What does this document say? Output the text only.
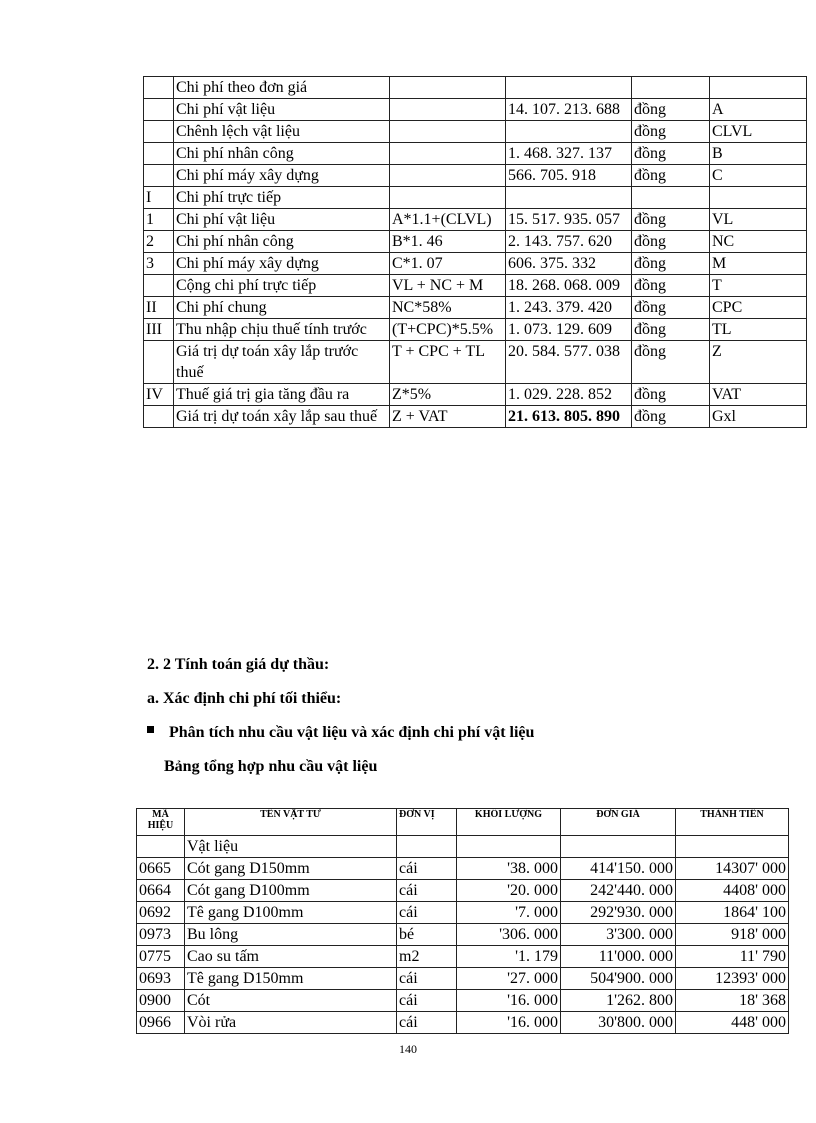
	Chi phí theo đơn giá				
	Chi phí vật liệu		14. 107. 213. 688	đồng	A
	Chênh lệch vật liệu			đồng	CLVL
	Chi phí nhân công		1. 468. 327. 137	đồng	B
	Chi phí máy xây dựng		566. 705. 918	đồng	C
I	Chi phí trực tiếp				
1	Chi phí vật liệu	A*1.1+(CLVL)	15. 517. 935. 057	đồng	VL
2	Chi phí nhân công	B*1. 46	2. 143. 757. 620	đồng	NC
3	Chi phí máy xây dựng	C*1. 07	606. 375. 332	đồng	M
	Cộng chi phí trực tiếp	VL + NC + M	18. 268. 068. 009	đồng	T
II	Chi phí chung	NC*58%	1. 243. 379. 420	đồng	CPC
III	Thu nhập chịu thuế tính trước	(T+CPC)*5.5%	1. 073. 129. 609	đồng	TL
	Giá trị dự toán xây lắp trước thuế	T + CPC + TL	20. 584. 577. 038	đồng	Z
IV	Thuế giá trị gia tăng đầu ra	Z*5%	1. 029. 228. 852	đồng	VAT
	Giá trị dự toán xây lắp sau thuế	Z + VAT	21. 613. 805. 890	đồng	Gxl
2. 2 Tính toán giá dự thầu:
a. Xác định chi phí tối thiểu:
Phân tích nhu cầu vật liệu và xác định chi phí vật liệu
Bảng tổng hợp nhu cầu vật liệu
MÃ HIỆU	TÊN VẬT TƯ	ĐƠN VỊ	KHỐI LƯỢNG	ĐƠN GIÁ	THÀNH TIỀN
	Vật liệu				
0665	Cót gang D150mm	cái	'38. 000	414'150. 000	14307' 000
0664	Cót gang D100mm	cái	'20. 000	242'440. 000	4408' 000
0692	Tê gang D100mm	cái	'7. 000	292'930. 000	1864' 100
0973	Bu lông	bé	'306. 000	3'300. 000	918' 000
0775	Cao su tấm	m2	'1. 179	11'000. 000	11' 790
0693	Tê gang D150mm	cái	'27. 000	504'900. 000	12393' 000
0900	Cót	cái	'16. 000	1'262. 800	18' 368
0966	Vòi rửa	cái	'16. 000	30'800. 000	448' 000
140
